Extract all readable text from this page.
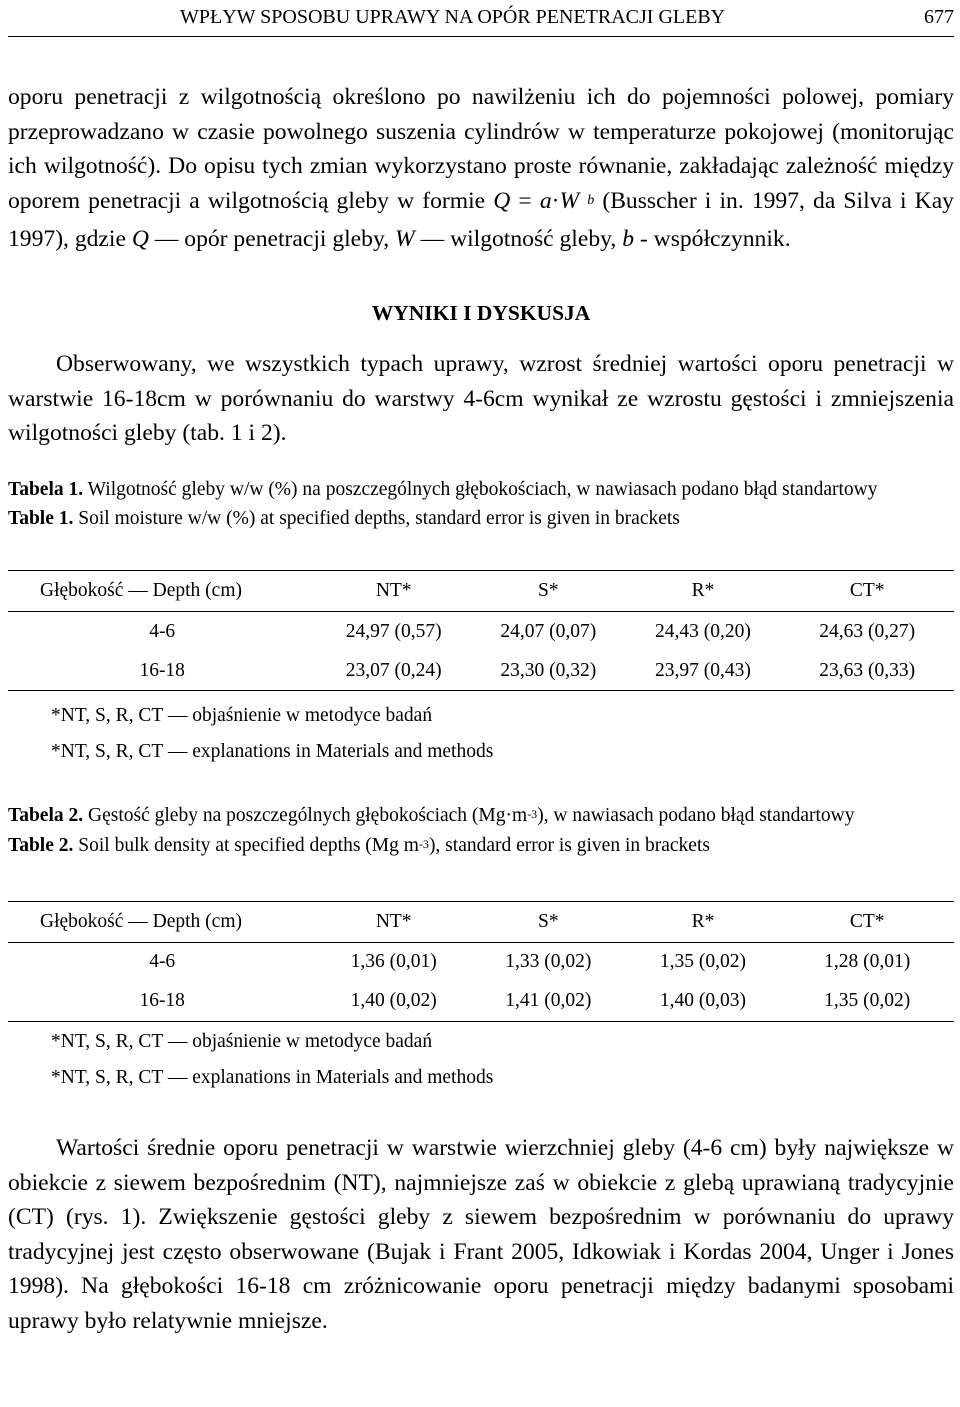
WPŁYW SPOSOBU UPRAWY NA OPÓR PENETRACJI GLEBY	677

oporu penetracji z wilgotnością określono po nawilżeniu ich do pojemności polowej, pomiary przeprowadzano w czasie powolnego suszenia cylindrów w temperaturze pokojowej (monitorując ich wilgotność). Do opisu tych zmian wykorzystano proste równanie, zakładając zależność między oporem penetracji a wilgotnością gleby w formie Q = a·W $^b$ (Busscher i in. 1997, da Silva i Kay 1997), gdzie Q — opór penetracji gleby, W — wilgotność gleby, b - współczynnik.

WYNIKI I DYSKUSJA

Obserwowany, we wszystkich typach uprawy, wzrost średniej wartości oporu penetracji w warstwie 16-18cm w porównaniu do warstwy 4-6cm wynikał ze wzrostu gęstości i zmniejszenia wilgotności gleby (tab. 1 i 2).

Tabela 1. Wilgotność gleby w/w (%) na poszczególnych głębokościach, w nawiasach podano błąd standartowy

Table 1. Soil moisture w/w (%) at specified depths, standard error is given in brackets

Głębokość — Depth (cm)	NT*	S*	R*	CT*
4-6	24,97 (0,57)	24,07 (0,07)	24,43 (0,20)	24,63 (0,27)
16-18	23,07 (0,24)	23,30 (0,32)	23,97 (0,43)	23,63 (0,33)

*NT, S, R, CT — objaśnienie w metodyce badań

*NT, S, R, CT — explanations in Materials and methods

Tabela 2. Gęstość gleby na poszczególnych głębokościach $(Mg\cdot m^{-3})$, w nawiasach podano błąd standartowy

Table 2. Soil bulk density at specified depths (Mg $m^{-3}$), standard error is given in brackets

Głębokość — Depth (cm)	NT*	S*	R*	CT*
4-6	1,36 (0,01)	1,33 (0,02)	1,35 (0,02)	1,28 (0,01)
16-18	1,40 (0,02)	1,41 (0,02)	1,40 (0,03)	1,35 (0,02)

*NT, S, R, CT — objaśnienie w metodyce badań

*NT, S, R, CT — explanations in Materials and methods

Wartości średnie oporu penetracji w warstwie wierzchniej gleby (4-6 cm) były największe w obiekcie z siewem bezpośrednim (NT), najmniejsze zaś w obiekcie z glebą uprawianą tradycyjnie (CT) (rys. 1). Zwiększenie gęstości gleby z siewem bezpośrednim w porównaniu do uprawy tradycyjnej jest często obserwowane (Bujak i Frant 2005, Idkowiak i Kordas 2004, Unger i Jones 1998). Na głębokości 16-18 cm zróżnicowanie oporu penetracji między badanymi sposobami uprawy było relatywnie mniejsze.
